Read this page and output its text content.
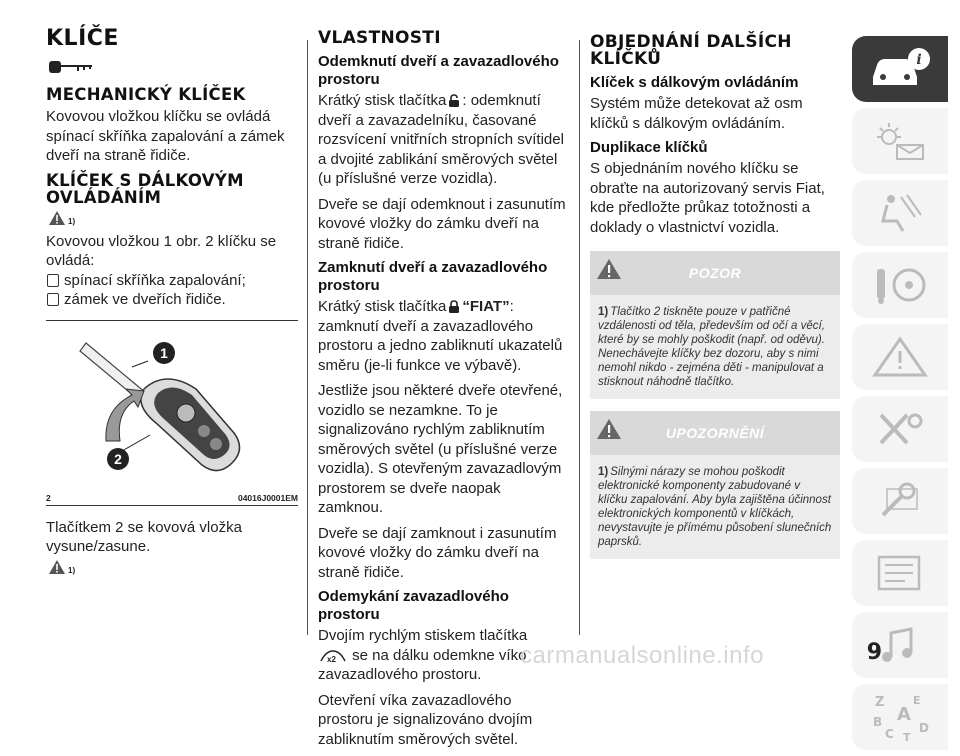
KLÍČE
MECHANICKÝ KLÍČEK

Kovovou vložkou klíčku se ovládá spínací skříňka zapalování a zámek dveří na straně řidiče.

KLÍČEK S DÁLKOVÝM OVLÁDÁNÍM
$_{1)}$

Kovovou vložkou 1 obr. 2 klíčku se ovládá:

spínací skříňka zapalování;
zámek ve dveřích řidiče.
1
2
2	04016J0001EM

Tlačítkem 2 se kovová vložka vysune/zasune.

$_{1)}$
VLASTNOSTI
Odemknutí dveří a zavazadlového prostoru

Krátký stisk tlačítka : odemknutí dveří a zavazadelníku, časované rozsvícení vnitřních stropních svítidel a dvojité zablikání směrových světel (u příslušné verze vozidla).

Dveře se dají odemknout i zasunutím kovové vložky do zámku dveří na straně řidiče.

Zamknutí dveří a zavazadlového prostoru

Krátký stisk tlačítka “FIAT”: zamknutí dveří a zavazadlového prostoru a jedno zabliknutí ukazatelů směru (je-li funkce ve výbavě).

Jestliže jsou některé dveře otevřené, vozidlo se nezamkne. To je signalizováno rychlým zabliknutím směrových světel (u příslušné verze vozidla). S otevřeným zavazadlovým prostorem se dveře naopak zamknou.

Dveře se dají zamknout i zasunutím kovové vložky do zámku dveří na straně řidiče.

Odemykání zavazadlového prostoru

Dvojím rychlým stiskem tlačítka

x2 se na dálku odemkne víko zavazadlového prostoru.

Otevření víka zavazadlového prostoru je signalizováno dvojím zabliknutím směrových světel.

OBJEDNÁNÍ DALŠÍCH KLÍČKŮ
Klíček s dálkovým ovládáním

Systém může detekovat až osm klíčků s dálkovým ovládáním.

Duplikace klíčků

S objednáním nového klíčku se obraťte na autorizovaný servis Fiat, kde předložte průkaz totožnosti a doklady o vlastnictví vozidla.

POZOR
1) Tlačítko 2 tiskněte pouze v patřičné vzdálenosti od těla, především od očí a věcí, které by se mohly poškodit (např. od oděvu). Nenechávejte klíčky bez dozoru, aby s nimi nemohl nikdo - zejména děti - manipulovat a stisknout náhodně tlačítko.
UPOZORNĚNÍ
1) Silnými nárazy se mohou poškodit elektronické komponenty zabudované v klíčku zapalování. Aby byla zajištěna účinnost elektronických komponentů v klíčkách, nevystavujte je přímému působení slunečních paprsků.
i
Z	E
A
B
C D
T
carmanualsonline.info	9
